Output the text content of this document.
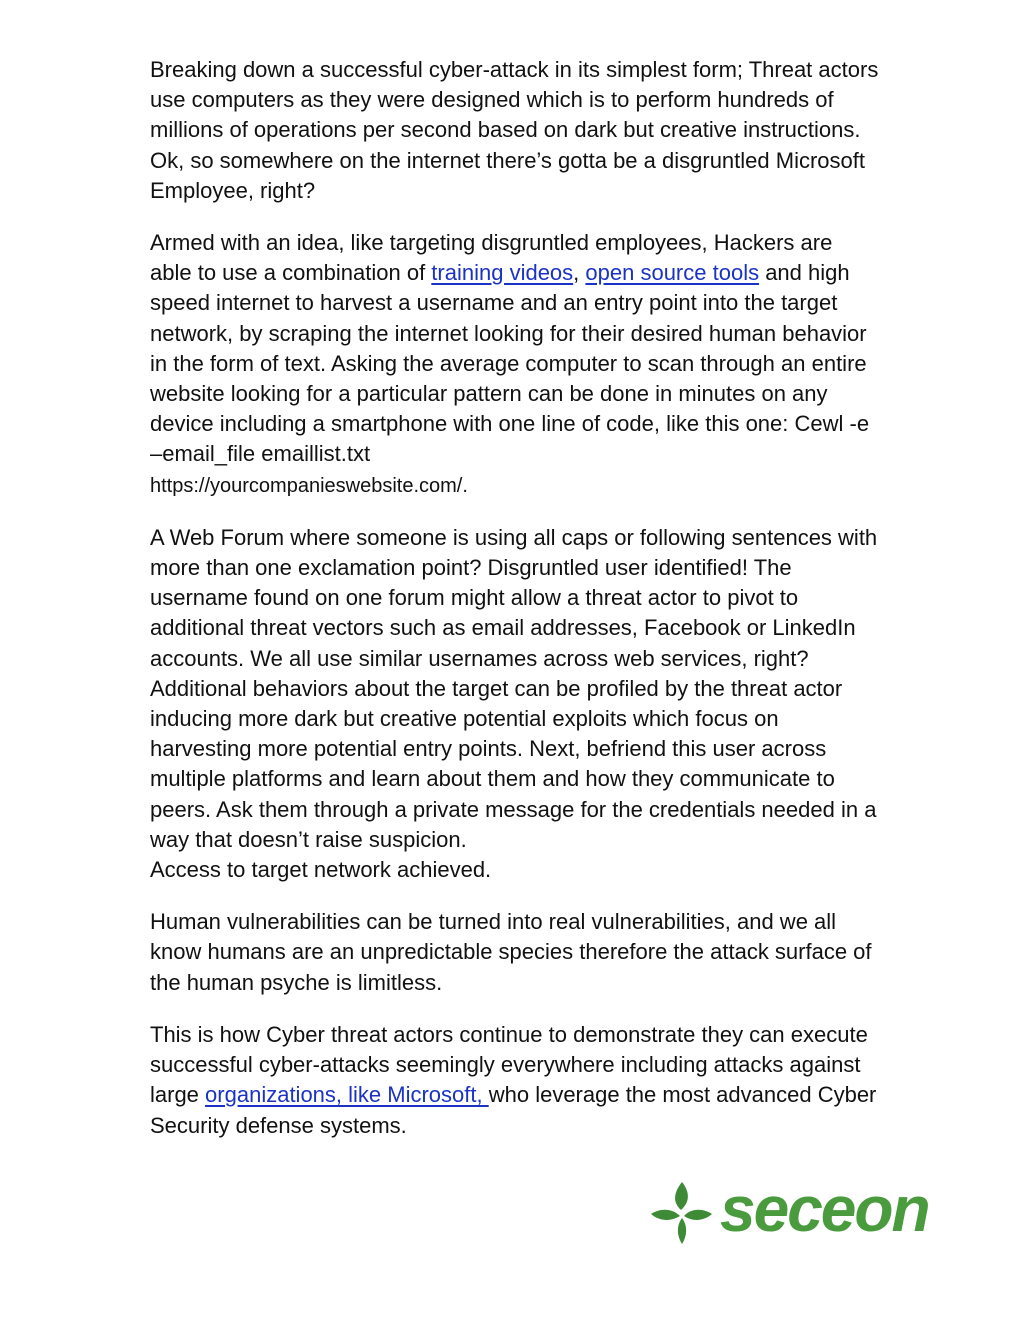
Breaking down a successful cyber-attack in its simplest form; Threat actors use computers as they were designed which is to perform hundreds of millions of operations per second based on dark but creative instructions. Ok, so somewhere on the internet there’s gotta be a disgruntled Microsoft Employee, right?

Armed with an idea, like targeting disgruntled employees, Hackers are able to use a combination of training videos, open source tools and high speed internet to harvest a username and an entry point into the target network, by scraping the internet looking for their desired human behavior in the form of text. Asking the average computer to scan through an entire website looking for a particular pattern can be done in minutes on any device including a smartphone with one line of code, like this one: Cewl -e –email_file emaillist.txt
https://yourcompanieswebsite.com/.

A Web Forum where someone is using all caps or following sentences with more than one exclamation point? Disgruntled user identified! The username found on one forum might allow a threat actor to pivot to additional threat vectors such as email addresses, Facebook or LinkedIn accounts. We all use similar usernames across web services, right? Additional behaviors about the target can be profiled by the threat actor inducing more dark but creative potential exploits which focus on harvesting more potential entry points. Next, befriend this user across multiple platforms and learn about them and how they communicate to peers. Ask them through a private message for the credentials needed in a way that doesn’t raise suspicion.
Access to target network achieved.

Human vulnerabilities can be turned into real vulnerabilities, and we all know humans are an unpredictable species therefore the attack surface of the human psyche is limitless.

This is how Cyber threat actors continue to demonstrate they can execute successful cyber-attacks seemingly everywhere including attacks against large organizations, like Microsoft, who leverage the most advanced Cyber Security defense systems.

seceon
